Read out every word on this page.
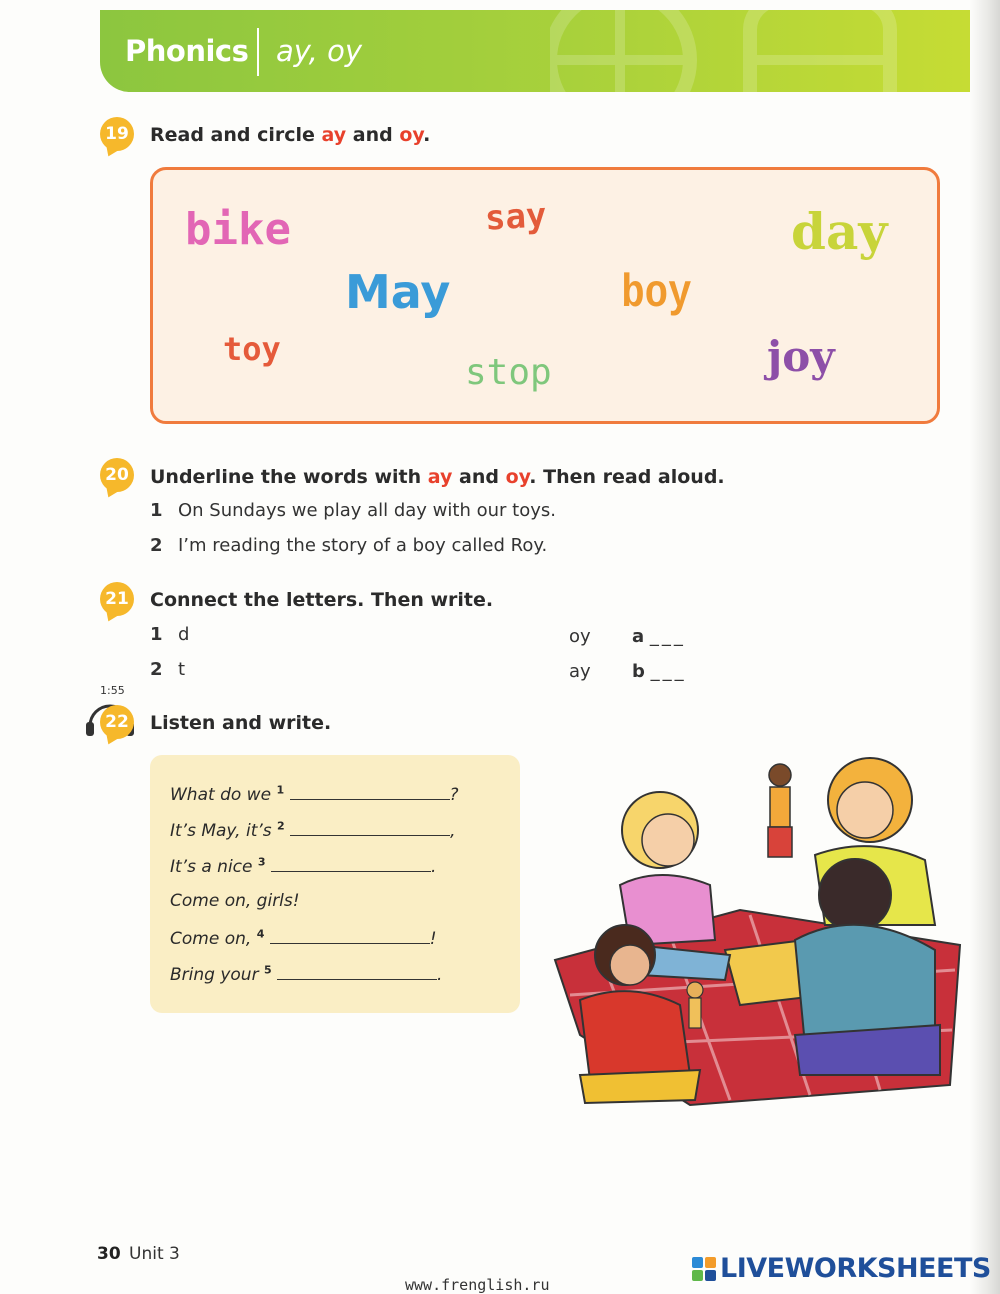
Phonics ay, oy
19 Read and circle ay and oy.
bike	say	day
May	boy
toy
stop	joy
20 Underline the words with ay and oy. Then read aloud.
1 On Sundays we play all day with our toys.
2 I’m reading the story of a boy called Roy.
21 Connect the letters. Then write.
1 d	oy a ___
2 t	ay b ___
1:55
22 Listen and write.
What do we $^1$	?
It’s May, it’s $^2$	,
It’s a nice $^3$	.
Come on, girls!
Come on, $^4$	!
Bring your $^5$	.
30 Unit 3	LIVEWORKSHEETS
www.frenglish.ru
